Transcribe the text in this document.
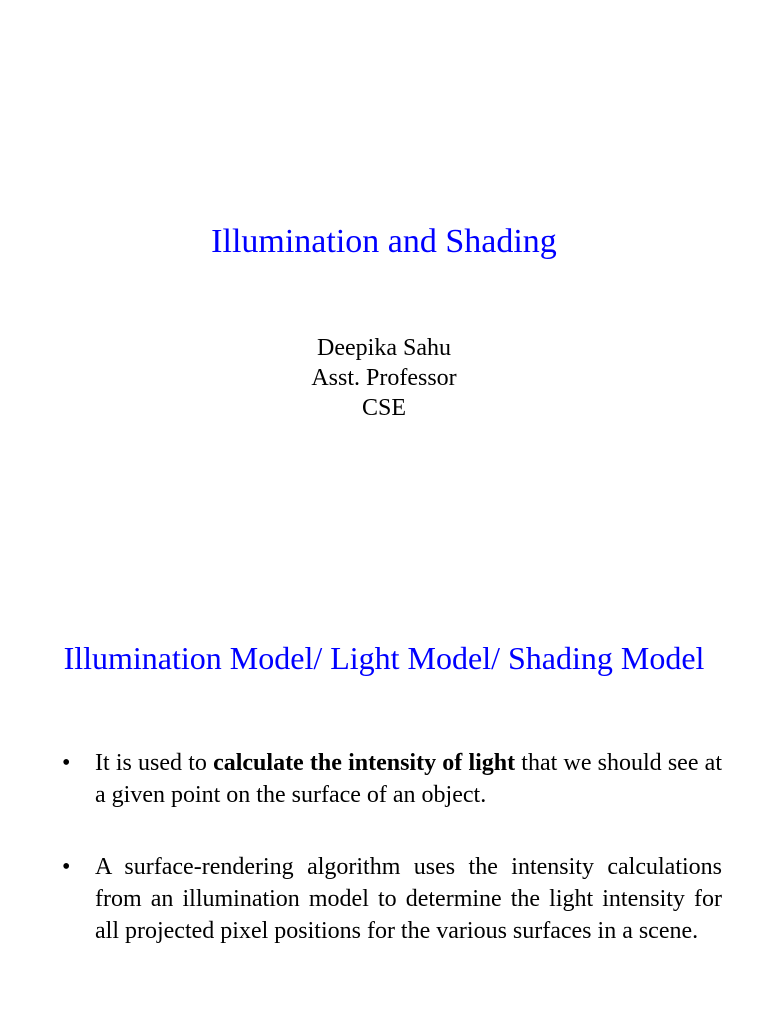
Illumination and Shading
Deepika Sahu
Asst. Professor
CSE
Illumination Model/ Light Model/ Shading Model
• It is used to calculate the intensity of light that we should see at a given point on the surface of an object.
• A surface-rendering algorithm uses the intensity calculations from an illumination model to determine the light intensity for all projected pixel positions for the various surfaces in a scene.
